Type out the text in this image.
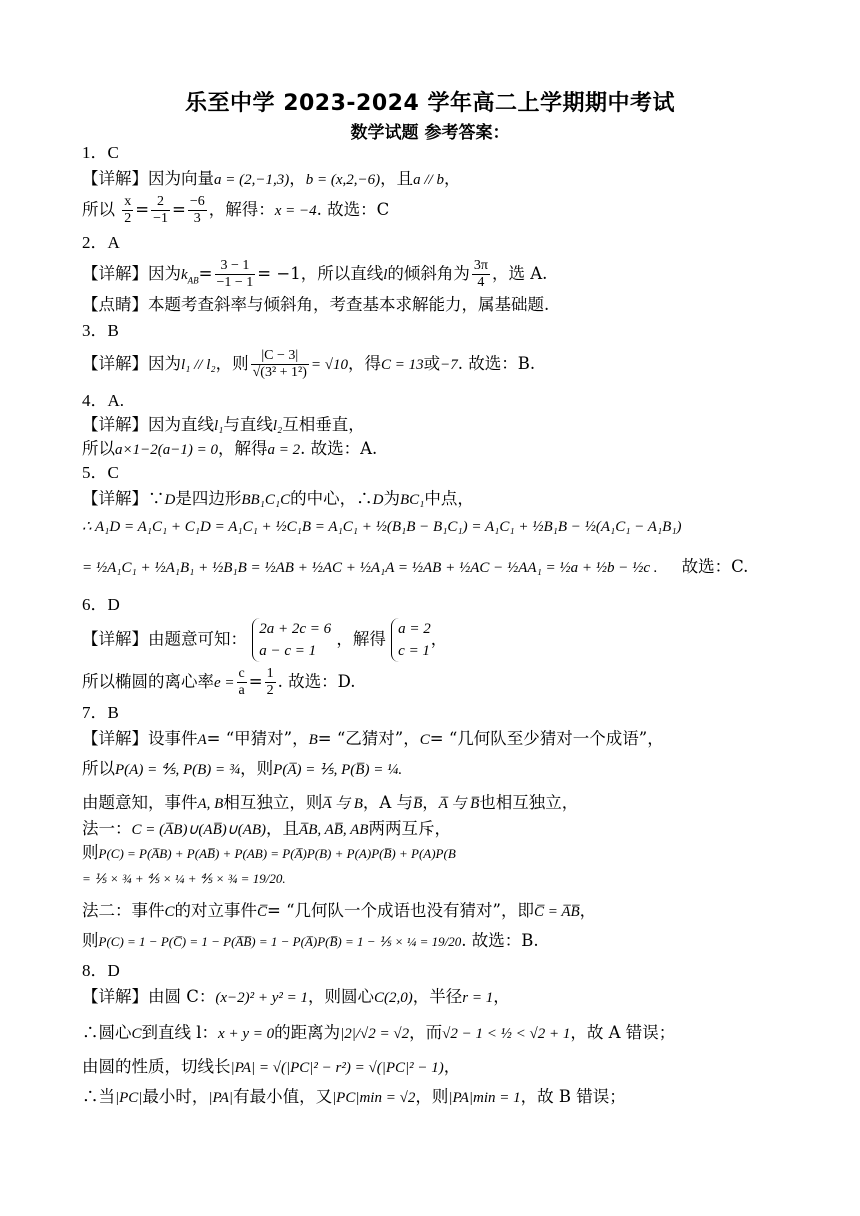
乐至中学 2023-2024 学年高二上学期期中考试
数学试题 参考答案：
1．C
【详解】因为向量a = (2,−1,3)，b = (x,2,−6)，且a // b，
所以 $\frac{x}{2} = \frac{2}{-1} = \frac{-6}{3}$ ，解得：x = −4. 故选：C
2．A
【详解】因为$k_{AB}= \frac{3 - 1}{-1 - 1} = -1$，所以直线l的倾斜角为 $\frac{3\pi}{4}$ ，选 A.
【点睛】本题考查斜率与倾斜角，考查基本求解能力，属基础题.
3．B
【详解】因为l₁ // l₂，则 $\frac{|C - 3|}{\text{√(3² + 1²)}} = √10$，得C = 13或−7. 故选：B.
4．A.
【详解】因为直线l₁与直线l₂互相垂直，
所以a×1−2(a−1) = 0，解得a = 2. 故选：A.
5．C
【详解】∵D是四边形BB₁C₁C的中心，∴D为BC₁中点，
∴ A₁D = A₁C₁ + C₁D = A₁C₁ + ½C₁B = A₁C₁ + ½(B₁B − B₁C₁) = A₁C₁ + ½B₁B − ½(A₁C₁ − A₁B₁)
= ½A₁C₁ + ½A₁B₁ + ½B₁B = ½AB + ½AC + ½A₁A = ½AB + ½AC − ½AA₁ = ½a + ½b − ½c . 故选：C.
6．D
【详解】由题意可知：
2a + 2c = 6
a − c = 1
，解得
a = 2
c = 1
，
所以椭圆的离心率$e = \frac{c}{a} = \frac{1}{2}$ . 故选：D.
7．B
【详解】设事件A= “甲猜对”，B= “乙猜对”，C= “几何队至少猜对一个成语”，
所以P(A) = ⅘, P(B) = ¾，则P(A̅) = ⅕, P(B̅) = ¼.
由题意知，事件A, B相互独立，则A̅ 与 B，A 与B̅，A̅ 与 B̅也相互独立，
法一：C = (A̅B)∪(AB̅)∪(AB)，且A̅B, AB̅, AB两两互斥，
则P(C) = P(A̅B) + P(AB̅) + P(AB) = P(A̅)P(B) + P(A)P(B̅) + P(A)P(B
= ⅕ × ¾ + ⅘ × ¼ + ⅘ × ¾ = 19/20.
法二：事件C的对立事件C̅= “几何队一个成语也没有猜对”，即C̅ = A̅B̅，
则P(C) = 1 − P(C̅) = 1 − P(A̅B̅) = 1 − P(A̅)P(B̅) = 1 − ⅕ × ¼ = 19/20. 故选：B.
8．D
【详解】由圆 C：(x−2)² + y² = 1，则圆心C(2,0)，半径r = 1，
∴圆心C到直线 l：x + y = 0的距离为|2|/√2 = √2，而√2 − 1 < ½ < √2 + 1，故 A 错误；
由圆的性质，切线长|PA| = √(|PC|² − r²) = √(|PC|² − 1)，
∴当|PC|最小时，|PA|有最小值，又|PC|min = √2，则|PA|min = 1，故 B 错误；
